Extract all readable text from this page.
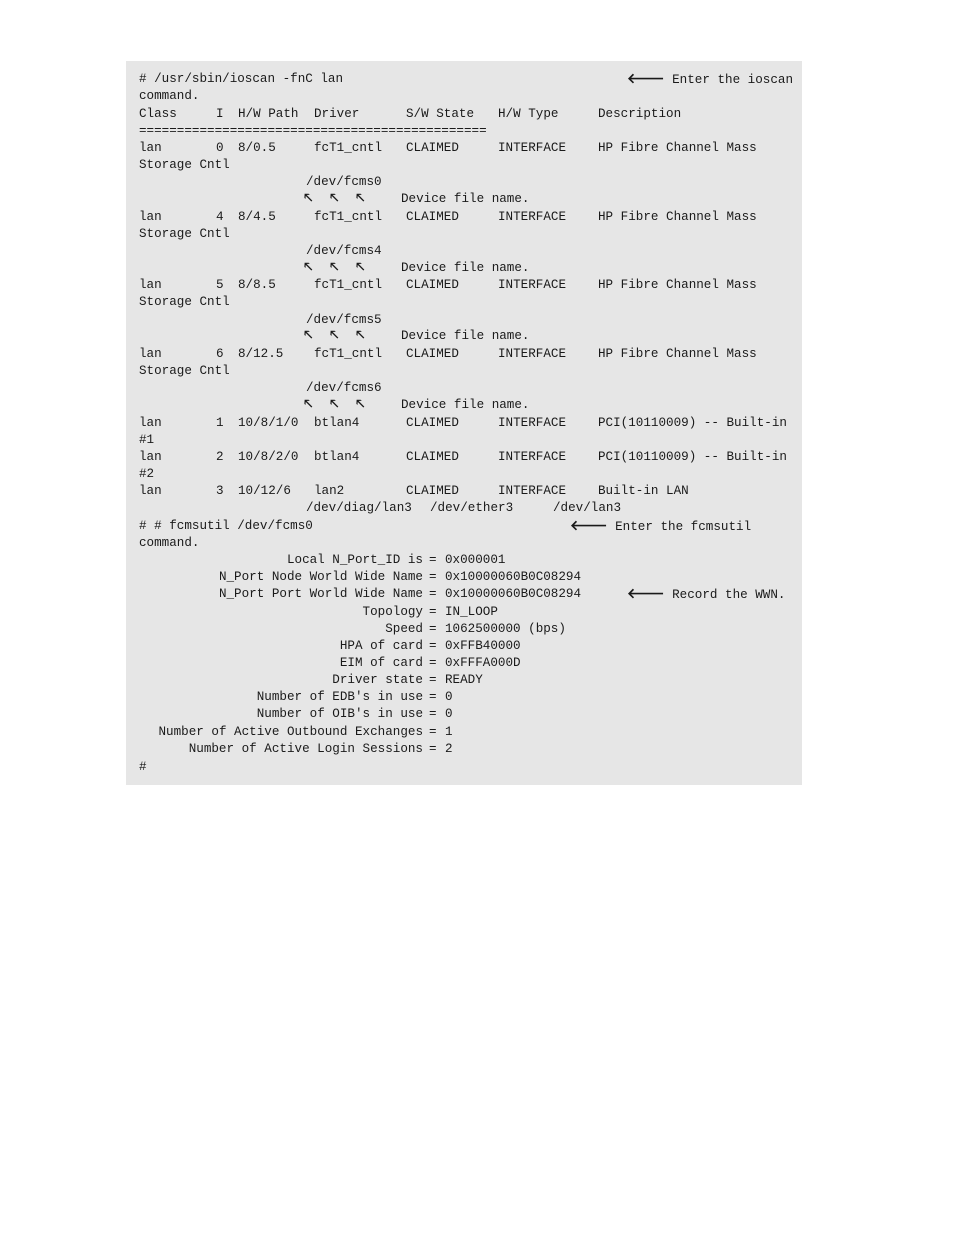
# /usr/sbin/ioscan -fnC lan	🡐 Enter the ioscan
command.
Class	I H/W Path Driver	S/W State H/W Type	Description
==============================================
lan	0 8/0.5	fcT1_cntl CLAIMED	INTERFACE	HP Fibre Channel Mass
Storage Cntl
/dev/fcms0
🡔 🡔 🡔	Device file name.
lan	4 8/4.5	fcT1_cntl CLAIMED	INTERFACE	HP Fibre Channel Mass
Storage Cntl
/dev/fcms4
🡔 🡔 🡔	Device file name.
lan	5 8/8.5	fcT1_cntl CLAIMED	INTERFACE	HP Fibre Channel Mass
Storage Cntl
/dev/fcms5
🡔 🡔 🡔	Device file name.
lan	6 8/12.5 fcT1_cntl CLAIMED	INTERFACE	HP Fibre Channel Mass
Storage Cntl
/dev/fcms6
🡔 🡔 🡔	Device file name.
lan	1 10/8/1/0 btlan4	CLAIMED	INTERFACE	PCI(10110009) -- Built-in
#1
lan	2 10/8/2/0 btlan4	CLAIMED	INTERFACE	PCI(10110009) -- Built-in
#2
lan	3 10/12/6 lan2	CLAIMED	INTERFACE	Built-in LAN
/dev/diag/lan3 /dev/ether3	/dev/lan3
# # fcmsutil /dev/fcms0	🡐 Enter the fcmsutil
command.
Local N_Port_ID is = 0x000001
N_Port Node World Wide Name = 0x10000060B0C08294
N_Port Port World Wide Name = 0x10000060B0C08294	🡐 Record the WWN.
Topology = IN_LOOP
Speed = 1062500000 (bps)
HPA of card = 0xFFB40000
EIM of card = 0xFFFA000D
Driver state = READY
Number of EDB's in use = 0
Number of OIB's in use = 0
Number of Active Outbound Exchanges = 1
Number of Active Login Sessions = 2
#
